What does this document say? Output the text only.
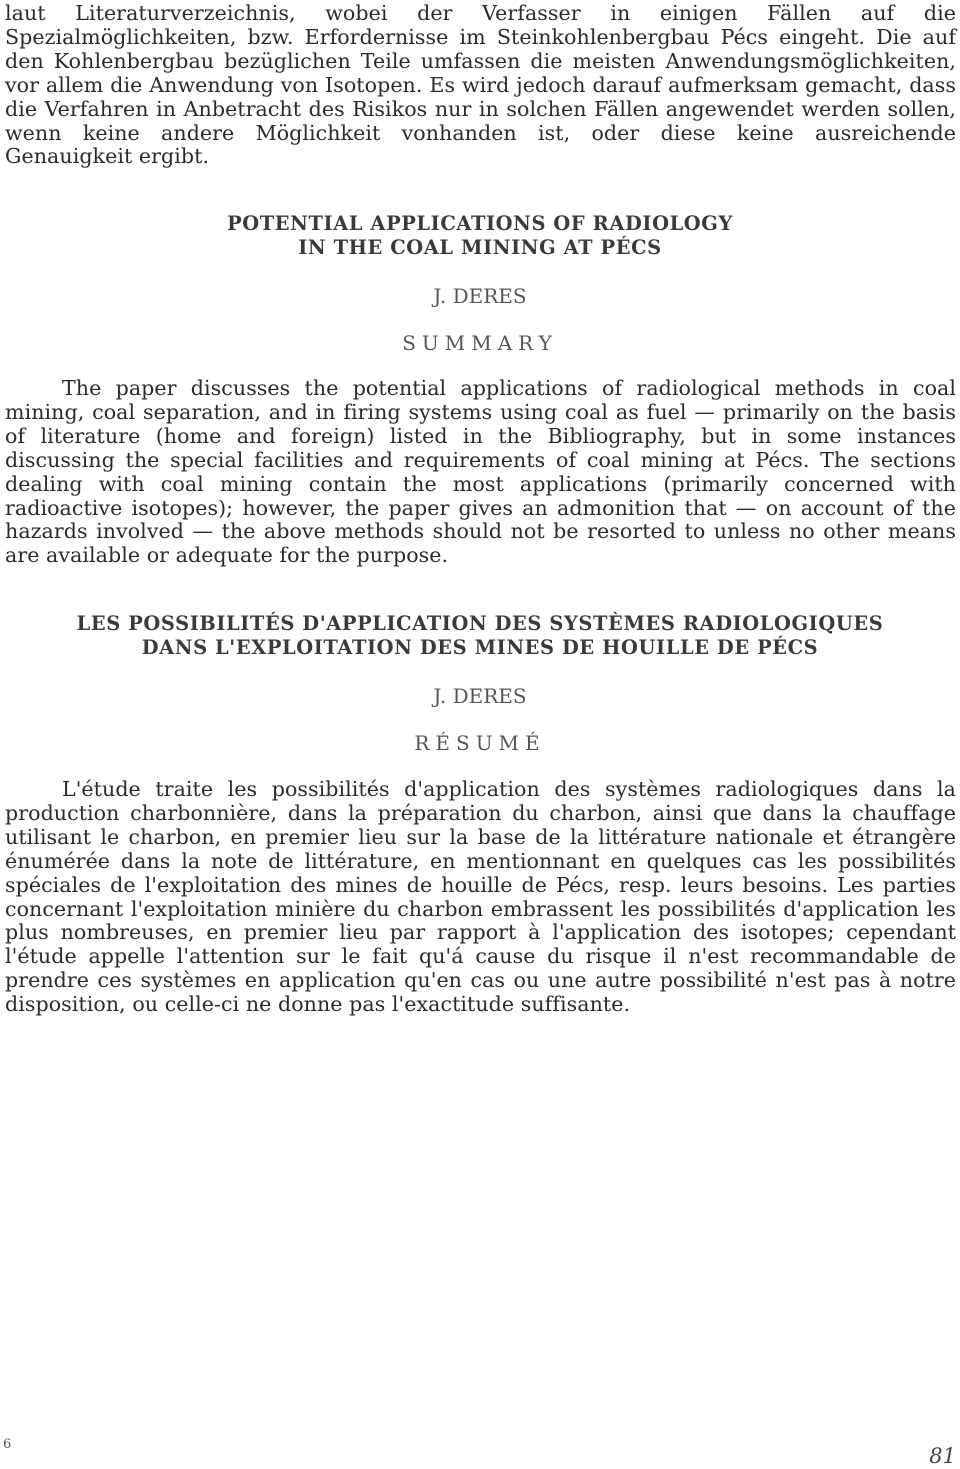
laut Literaturverzeichnis, wobei der Verfasser in einigen Fällen auf die Spezialmöglichkeiten, bzw. Erfordernisse im Steinkohlenbergbau Pécs eingeht. Die auf den Kohlenbergbau bezüglichen Teile umfassen die meisten Anwendungsmöglichkeiten, vor allem die Anwendung von Isotopen. Es wird jedoch darauf aufmerksam gemacht, dass die Verfahren in Anbetracht des Risikos nur in solchen Fällen angewendet werden sollen, wenn keine andere Möglichkeit vonhanden ist, oder diese keine ausreichende Genauigkeit ergibt.

POTENTIAL APPLICATIONS OF RADIOLOGY
IN THE COAL MINING AT PÉCS

J. DERES

SUMMARY

The paper discusses the potential applications of radiological methods in coal mining, coal separation, and in firing systems using coal as fuel — primarily on the basis of literature (home and foreign) listed in the Bibliography, but in some instances discussing the special facilities and requirements of coal mining at Pécs. The sections dealing with coal mining contain the most applications (primarily concerned with radioactive isotopes); however, the paper gives an admonition that — on account of the hazards involved — the above methods should not be resorted to unless no other means are available or adequate for the purpose.

LES POSSIBILITÉS D'APPLICATION DES SYSTÈMES RADIOLOGIQUES
DANS L'EXPLOITATION DES MINES DE HOUILLE DE PÉCS

J. DERES

RÉSUMÉ

L'étude traite les possibilités d'application des systèmes radiologiques dans la production charbonnière, dans la préparation du charbon, ainsi que dans la chauffage utilisant le charbon, en premier lieu sur la base de la littérature nationale et étrangère énumérée dans la note de littérature, en mentionnant en quelques cas les possibilités spéciales de l'exploitation des mines de houille de Pécs, resp. leurs besoins. Les parties concernant l'exploitation minière du charbon embrassent les possibilités d'application les plus nombreuses, en premier lieu par rapport à l'application des isotopes; cependant l'étude appelle l'attention sur le fait qu'á cause du risque il n'est recommandable de prendre ces systèmes en application qu'en cas ou une autre possibilité n'est pas à notre disposition, ou celle-ci ne donne pas l'exactitude suffisante.

6	81
